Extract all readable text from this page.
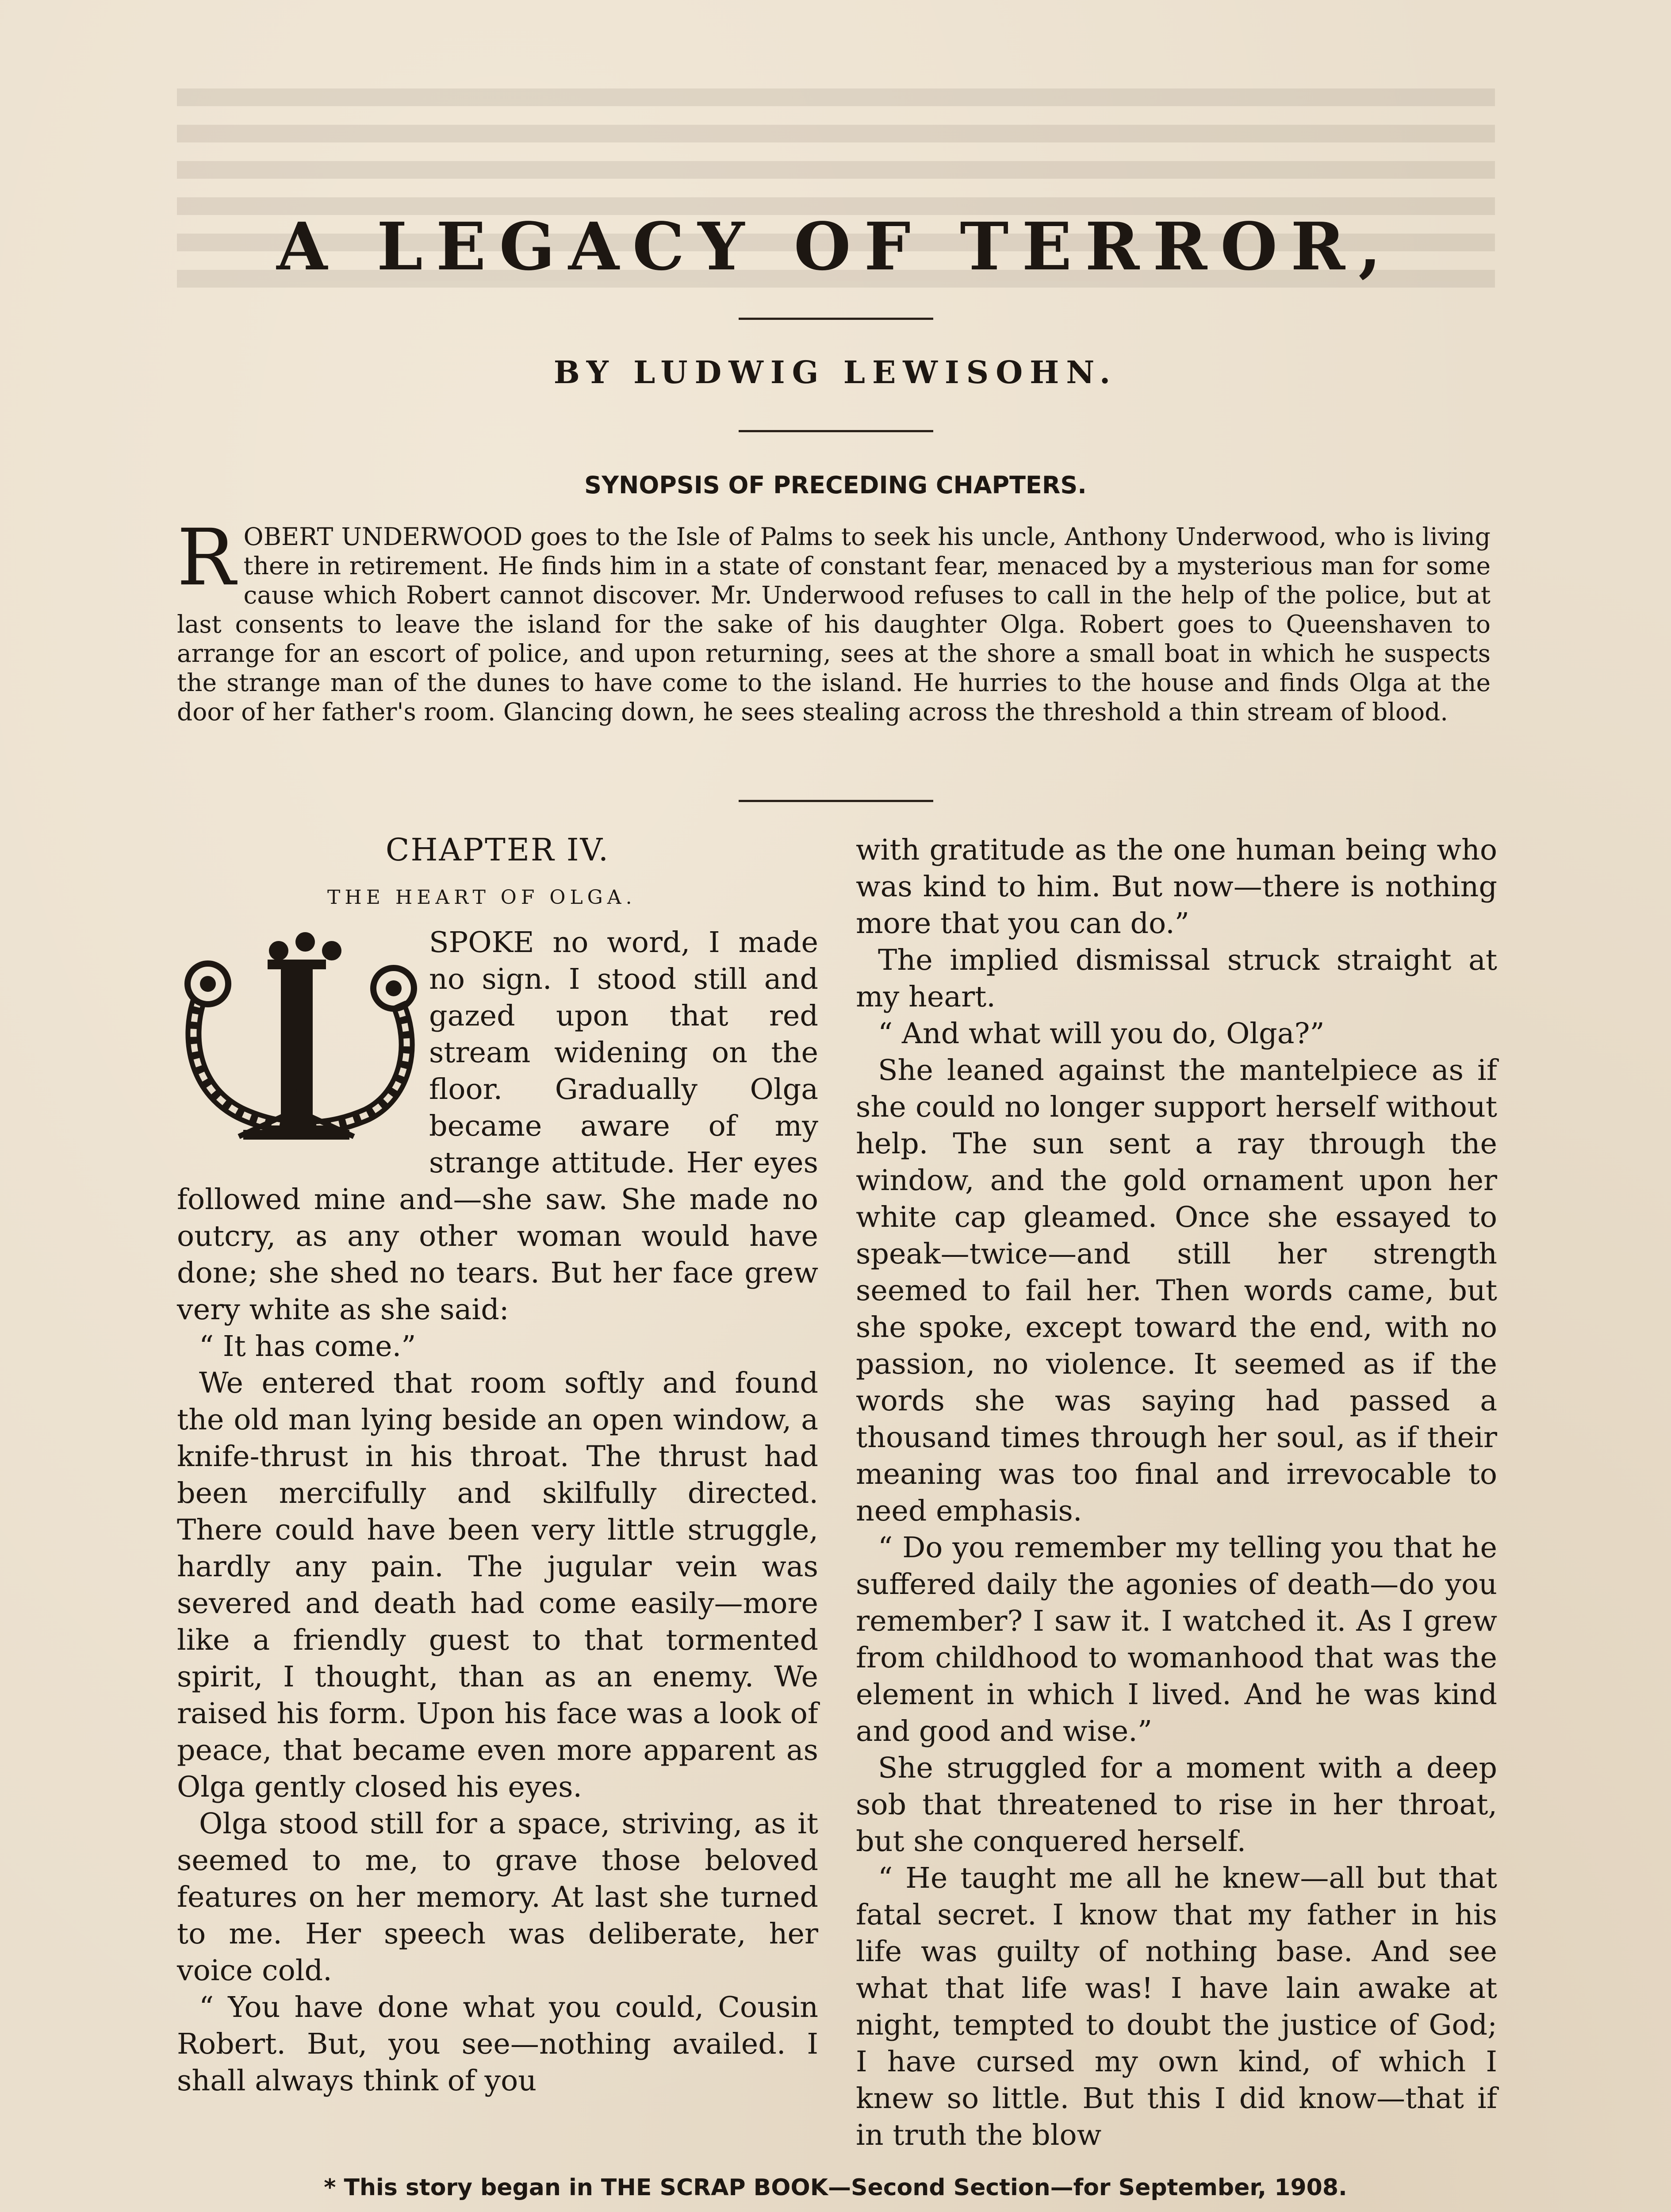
A LEGACY OF TERROR,
BY LUDWIG LEWISOHN.
SYNOPSIS OF PRECEDING CHAPTERS.

ROBERT UNDERWOOD goes to the Isle of Palms to seek his uncle, Anthony Underwood, who is living there in retirement. He finds him in a state of constant fear, menaced by a mysterious man for some cause which Robert cannot discover. Mr. Underwood refuses to call in the help of the police, but at last consents to leave the island for the sake of his daughter Olga. Robert goes to Queenshaven to arrange for an escort of police, and upon returning, sees at the shore a small boat in which he suspects the strange man of the dunes to have come to the island. He hurries to the house and finds Olga at the door of her father's room. Glancing down, he sees stealing across the threshold a thin stream of blood.

CHAPTER IV.
THE HEART OF OLGA.
I

SPOKE no word, I made no sign. I stood still and gazed upon that red stream widening on the floor. Gradually Olga became aware of my strange attitude. Her eyes followed mine and—she saw. She made no outcry, as any other woman would have done; she shed no tears. But her face grew very white as she said:

“ It has come.”

We entered that room softly and found the old man lying beside an open window, a knife-thrust in his throat. The thrust had been mercifully and skilfully directed. There could have been very little struggle, hardly any pain. The jugular vein was severed and death had come easily—more like a friendly guest to that tormented spirit, I thought, than as an enemy. We raised his form. Upon his face was a look of peace, that became even more apparent as Olga gently closed his eyes.

Olga stood still for a space, striving, as it seemed to me, to grave those beloved features on her memory. At last she turned to me. Her speech was deliberate, her voice cold.

“ You have done what you could, Cousin Robert. But, you see—nothing availed. I shall always think of you

with gratitude as the one human being who was kind to him. But now—there is nothing more that you can do.”

The implied dismissal struck straight at my heart.

“ And what will you do, Olga?”

She leaned against the mantelpiece as if she could no longer support herself without help. The sun sent a ray through the window, and the gold ornament upon her white cap gleamed. Once she essayed to speak—twice—and still her strength seemed to fail her. Then words came, but she spoke, except toward the end, with no passion, no violence. It seemed as if the words she was saying had passed a thousand times through her soul, as if their meaning was too final and irrevocable to need emphasis.

“ Do you remember my telling you that he suffered daily the agonies of death—do you remember? I saw it. I watched it. As I grew from childhood to womanhood that was the element in which I lived. And he was kind and good and wise.”

She struggled for a moment with a deep sob that threatened to rise in her throat, but she conquered herself.

“ He taught me all he knew—all but that fatal secret. I know that my father in his life was guilty of nothing base. And see what that life was! I have lain awake at night, tempted to doubt the justice of God; I have cursed my own kind, of which I knew so little. But this I did know—that if in truth the blow

* This story began in THE SCRAP BOOK—Second Section—for September, 1908.
